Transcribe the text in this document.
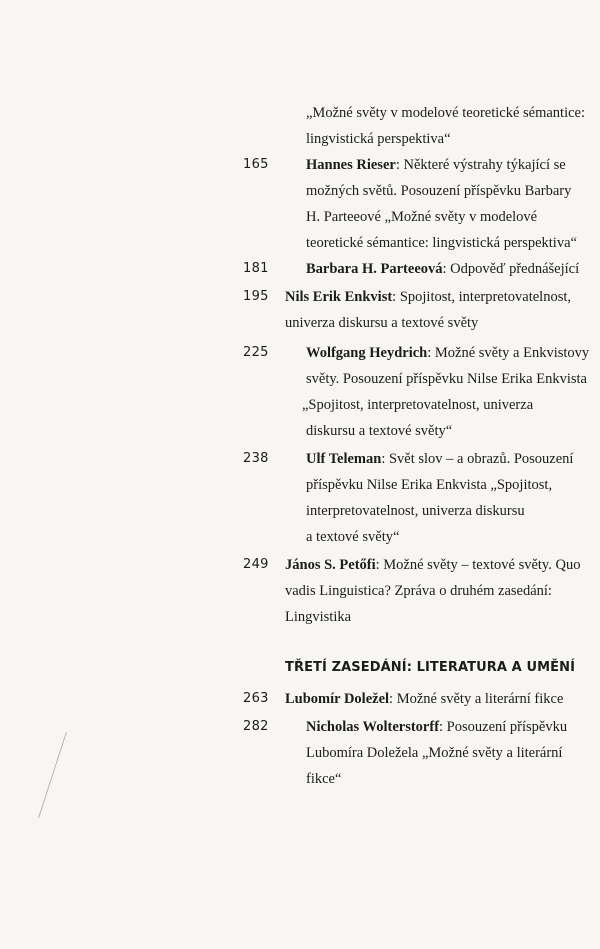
„Možné světy v modelové teoretické sémantice:
lingvistická perspektiva“
165	Hannes Rieser: Některé výstrahy týkající se
možných světů. Posouzení příspěvku Barbary
H. Parteeové „Možné světy v modelové
teoretické sémantice: lingvistická perspektiva“
181	Barbara H. Parteeová: Odpověď přednášející
195	Nils Erik Enkvist: Spojitost, interpretovatelnost,
univerza diskursu a textové světy
225	Wolfgang Heydrich: Možné světy a Enkvistovy
světy. Posouzení příspěvku Nilse Erika Enkvista
„Spojitost, interpretovatelnost, univerza
diskursu a textové světy“
238	Ulf Teleman: Svět slov – a obrazů. Posouzení
příspěvku Nilse Erika Enkvista „Spojitost,
interpretovatelnost, univerza diskursu
a textové světy“
249	János S. Petőfi: Možné světy – textové světy. Quo
vadis Linguistica? Zpráva o druhém zasedání:
Lingvistika
TŘETÍ ZASEDÁNÍ: LITERATURA A UMĚNÍ
263	Lubomír Doležel: Možné světy a literární fikce
282	Nicholas Wolterstorff: Posouzení příspěvku
Lubomíra Doležela „Možné světy a literární
fikce“
